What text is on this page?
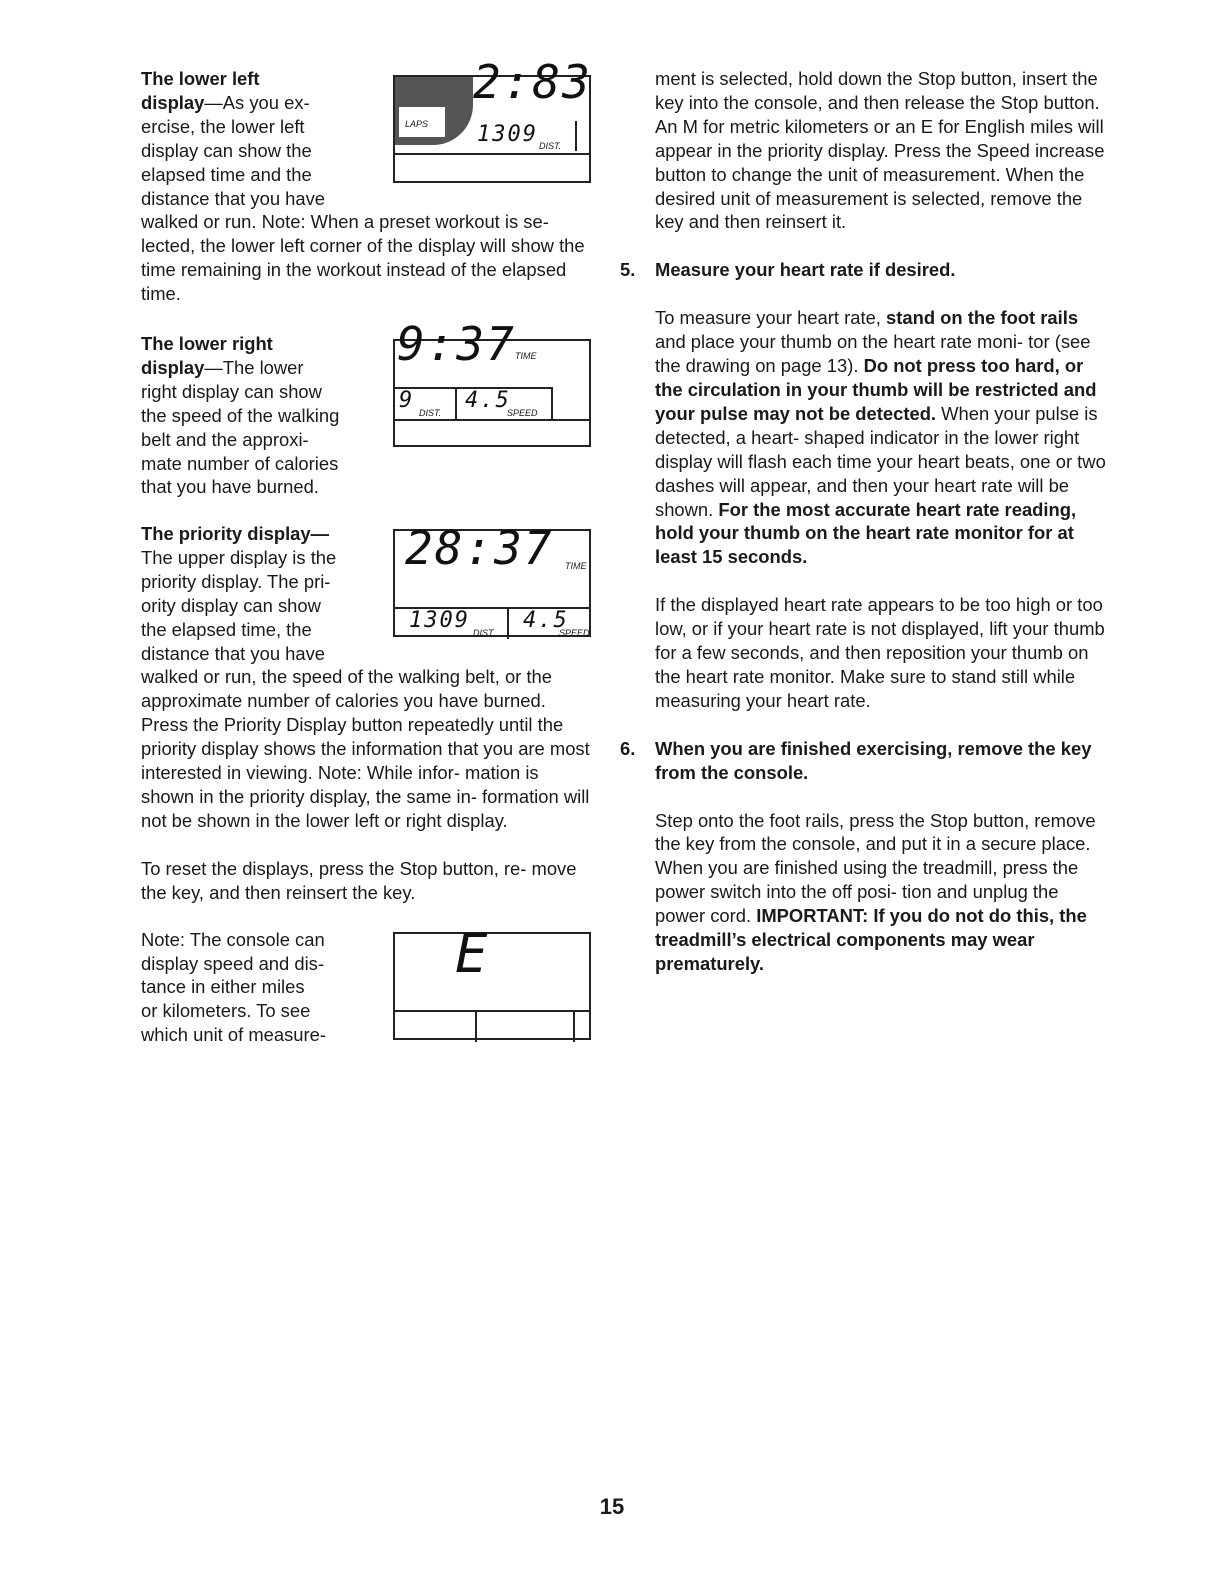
LAPS
2:83
1309 DIST.

The lower left

display—As you ex-

ercise, the lower left

display can show the

elapsed time and the

distance that you have

walked or run. Note: When a preset workout is se- lected, the lower left corner of the display will show the time remaining in the workout instead of the elapsed time.

9:37 TIME
9 DIST. 4.5
SPEED

The lower right

display—The lower

right display can show

the speed of the walking

belt and the approxi-

mate number of calories

that you have burned.

28:37 TIME
1309 DIST. 4.5
SPEED

The priority display—

The upper display is the

priority display. The pri-

ority display can show

the elapsed time, the

distance that you have

walked or run, the speed of the walking belt, or the approximate number of calories you have burned. Press the Priority Display button repeatedly until the priority display shows the information that you are most interested in viewing. Note: While infor- mation is shown in the priority display, the same in- formation will not be shown in the lower left or right display.

To reset the displays, press the Stop button, re- move the key, and then reinsert the key.

E

Note: The console can

display speed and dis-

tance in either miles

or kilometers. To see

which unit of measure-

ment is selected, hold down the Stop button, insert the key into the console, and then release the Stop button. An M for metric kilometers or an E for English miles will appear in the priority display. Press the Speed increase button to change the unit of measurement. When the desired unit of measurement is selected, remove the key and then reinsert it.

5.	Measure your heart rate if desired.

To measure your heart rate, stand on the foot rails and place your thumb on the heart rate moni- tor (see the drawing on page 13). Do not press too hard, or the circulation in your thumb will be restricted and your pulse may not be detected. When your pulse is detected, a heart- shaped indicator in the lower right display will flash each time your heart beats, one or two dashes will appear, and then your heart rate will be shown. For the most accurate heart rate reading, hold your thumb on the heart rate monitor for at least 15 seconds.

If the displayed heart rate appears to be too high or too low, or if your heart rate is not displayed, lift your thumb for a few seconds, and then reposition your thumb on the heart rate monitor. Make sure to stand still while measuring your heart rate.

6.	When you are finished exercising, remove the key from the console.

Step onto the foot rails, press the Stop button, remove the key from the console, and put it in a secure place. When you are finished using the treadmill, press the power switch into the off posi- tion and unplug the power cord. IMPORTANT: If you do not do this, the treadmill’s electrical components may wear prematurely.

15
